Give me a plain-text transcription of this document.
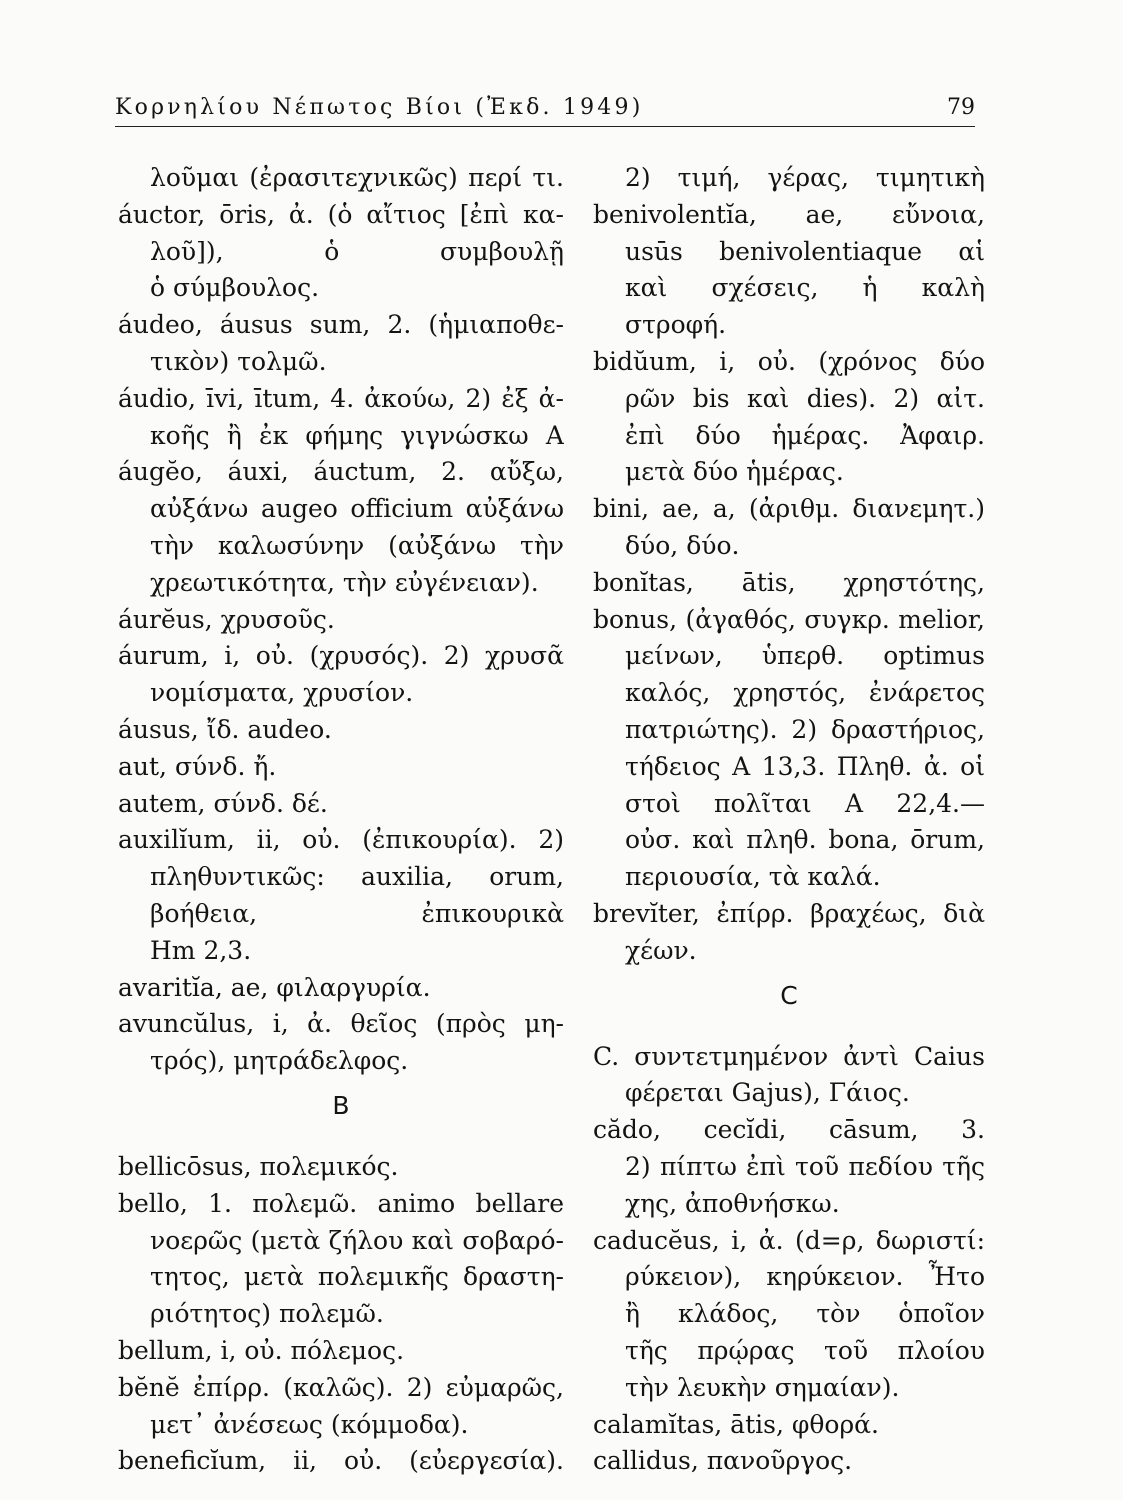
Κορνηλίου Νέπωτος Βίοι (Ἐκδ. 1949)	79
λοῦμαι (ἐρασιτεχνικῶς) περί τι.
áuctor, ōris, ἀ. (ὁ αἴτιος [ἐπὶ κα-
λοῦ]), ὁ συμβουλῇ
ὁ σύμβουλος.
áudeo, áusus sum, 2. (ἡμιαποθε-
τικὸν) τολμῶ.
áudio, īvi, ītum, 4. ἀκούω, 2) ἐξ ἀ-
κοῆς ἢ ἐκ φήμης γιγνώσκω A
áugĕo, áuxi, áuctum, 2. αὔξω,
αὐξάνω augeo officium αὐξάνω
τὴν καλωσύνην (αὐξάνω τὴν
χρεωτικότητα, τὴν εὐγένειαν).
áurĕus, χρυσοῦς.
áurum, i, οὐ. (χρυσός). 2) χρυσᾶ
νομίσματα, χρυσίον.
áusus, ἴδ. audeo.
aut, σύνδ. ἤ.
autem, σύνδ. δέ.
auxilĭum, ii, οὐ. (ἐπικουρία). 2)
πληθυντικῶς: auxilia, orum,
βοήθεια, ἐπικουρικὰ
Hm 2,3.
avaritĭa, ae, φιλαργυρία.
avuncŭlus, i, ἀ. θεῖος (πρὸς μη-
τρός), μητράδελφος.
B
bellicōsus, πολεμικός.
bello, 1. πολεμῶ. animo bellare
νοερῶς (μετὰ ζήλου καὶ σοβαρό-
τητος, μετὰ πολεμικῆς δραστη-
ριότητος) πολεμῶ.
bellum, i, οὐ. πόλεμος.
bĕnĕ ἐπίρρ. (καλῶς). 2) εὐμαρῶς,
μετ᾽ ἀνέσεως (κόμμοδα).
beneficĭum, ii, οὐ. (εὐεργεσία).
2) τιμή, γέρας, τιμητικὴ
benivolentĭa, ae, εὔνοια,
usūs benivolentiaque αἱ
καὶ σχέσεις, ἡ καλὴ
στροφή.
bidŭum, i, οὐ. (χρόνος δύο
ρῶν bis καὶ dies). 2) αἰτ.
ἐπὶ δύο ἡμέρας. Ἀφαιρ.
μετὰ δύο ἡμέρας.
bini, ae, a, (ἀριθμ. διανεμητ.)
δύο, δύο.
bonĭtas, ātis, χρηστότης,
bonus, (ἀγαθός, συγκρ. melior,
μείνων, ὑπερθ. optimus
καλός, χρηστός, ἐνάρετος
πατριώτης). 2) δραστήριος,
τήδειος A 13,3. Πληθ. ἀ. οἱ
στοὶ πολῖται A 22,4.—
οὐσ. καὶ πληθ. bona, ōrum,
περιουσία, τὰ καλά.
brevĭter, ἐπίρρ. βραχέως, διὰ
χέων.
C
C. συντετμημένον ἀντὶ Caius
φέρεται Gajus), Γάιος.
cădo, cecĭdi, cāsum, 3.
2) πίπτω ἐπὶ τοῦ πεδίου τῆς
χης, ἀποθνήσκω.
caducĕus, i, ἀ. (d=ρ, δωριστί:
ρύκειον), κηρύκειον. Ἦτο
ἢ κλάδος, τὸν ὁποῖον
τῆς πρῴρας τοῦ πλοίου
τὴν λευκὴν σημαίαν).
calamĭtas, ātis, φθορά.
callidus, πανοῦργος.
